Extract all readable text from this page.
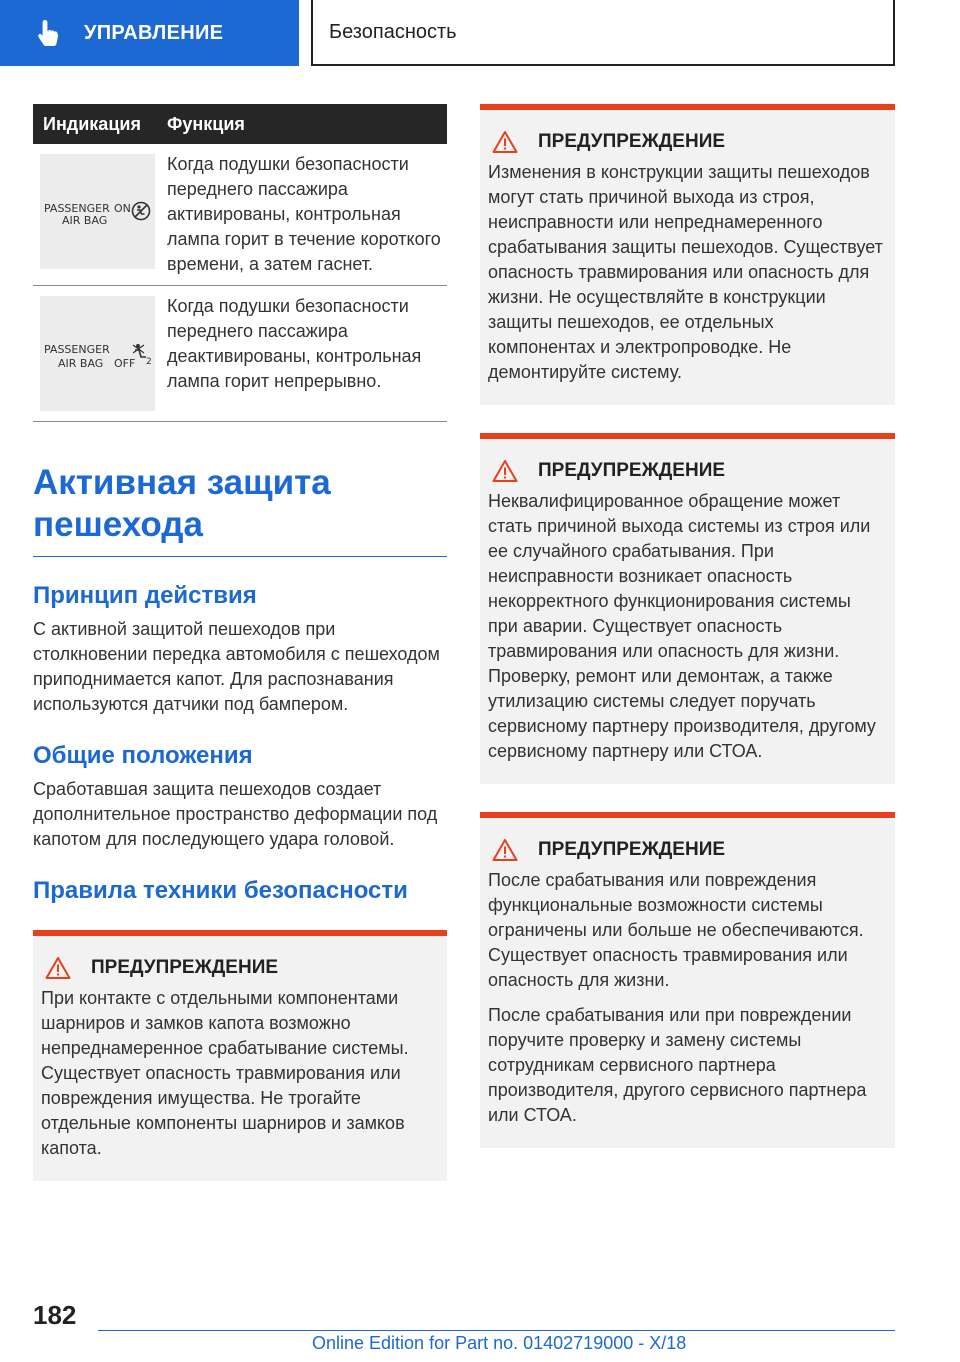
УПРАВЛЕНИЕ	Безопасность
Индикация	Функция
PASSENGER ON
AIR BAG
Когда подушки безопасности переднего пассажира активированы, контрольная лампа горит в течение короткого времени, а затем гаснет.
PASSENGER
AIR BAG OFF 2
Когда подушки безопасности переднего пассажира деактивированы, контрольная лампа горит непрерывно.
Активная защита пешехода
Принцип действия

С активной защитой пешеходов при столкновении передка автомобиля с пешеходом приподнимается капот. Для распознавания используются датчики под бампером.

Общие положения

Сработавшая защита пешеходов создает дополнительное пространство деформации под капотом для последующего удара головой.

Правила техники безопасности
ПРЕДУПРЕЖДЕНИЕ

При контакте с отдельными компонентами шарниров и замков капота возможно непреднамеренное срабатывание системы. Существует опасность травмирования или повреждения имущества. Не трогайте отдельные компоненты шарниров и замков капота.

ПРЕДУПРЕЖДЕНИЕ

Изменения в конструкции защиты пешеходов могут стать причиной выхода из строя, неисправности или непреднамеренного срабатывания защиты пешеходов. Существует опасность травмирования или опасность для жизни. Не осуществляйте в конструкции защиты пешеходов, ее отдельных компонентах и электропроводке. Не демонтируйте систему.

ПРЕДУПРЕЖДЕНИЕ

Неквалифицированное обращение может стать причиной выхода системы из строя или ее случайного срабатывания. При неисправности возникает опасность некорректного функционирования системы при аварии. Существует опасность травмирования или опасность для жизни. Проверку, ремонт или демонтаж, а также утилизацию системы следует поручать сервисному партнеру производителя, другому сервисному партнеру или СТОА.

ПРЕДУПРЕЖДЕНИЕ

После срабатывания или повреждения функциональные возможности системы ограничены или больше не обеспечиваются. Существует опасность травмирования или опасность для жизни.

После срабатывания или при повреждении поручите проверку и замену системы сотрудникам сервисного партнера производителя, другого сервисного партнера или СТОА.

182
Online Edition for Part no. 01402719000 - X/18
